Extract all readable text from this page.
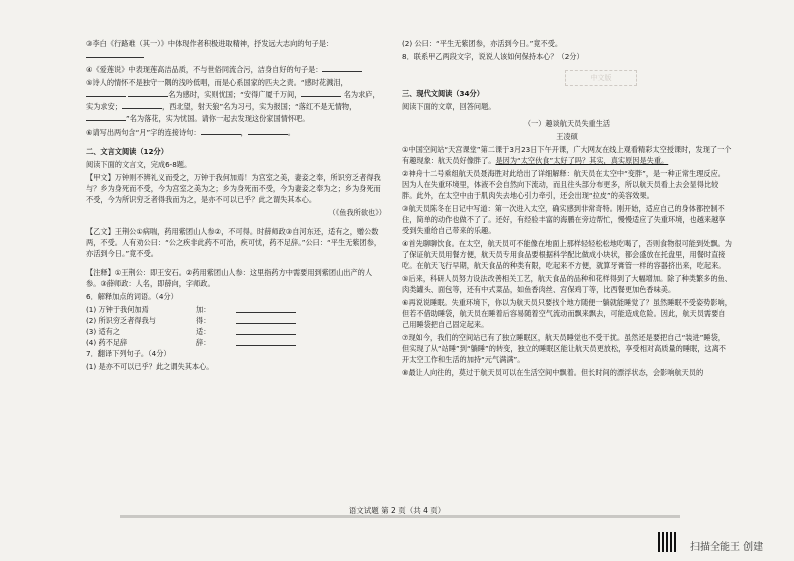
③李白《行路难（其一）》中体现作者积极进取精神，抒发远大志向的句子是：

④《爱莲说》中表现莲高洁品质，不与世俗同流合污，洁身自好的句子是：

⑤诗人的情怀不是独守一隅的浅吟低唱，而是心系国家的匹夫之责。“感时花溅泪， 名为感时，实则忧国；“安得广厦千万间，	名为求庐，实为求安；	，西北望，射天狼”名为习弓，实为报国；“落红不是无情物，”名为落花，实为忧国。请你一起去发现这份家国情怀吧。

⑥请写出两句含“月”字的连接诗句：	，	。

二、文言文阅读（12分）

阅读下面的文言文，完成6-8题。

【甲文】万钟则不辨礼义而受之，万钟于我何加焉！为宫室之美，妻妾之奉，所识穷乏者得我与？乡为身死而不受，今为宫室之美为之；乡为身死而不受，今为妻妾之奉为之；乡为身死而不受，今为所识穷乏者得我而为之，是亦不可以已乎？此之谓失其本心。

（《鱼我所欲也》）

【乙文】王荆公①病喘，药用紫团山人参②，不可得。时薛师政③自河东还，适有之，赠公数两，不受。人有劝公曰：“公之疾非此药不可治，疾可忧，药不足辞。”公曰：“平生无紫团参，亦活到今日。”竟不受。

【注释】①王荆公：即王安石。②药用紫团山人参：这里指药方中需要用到紫团山出产的人参。③薛师政：人名，即薛向，字师政。

6．解释加点的词语。（4分）

(1) 万钟于我何加焉	加：
(2) 所识穷乏者得我与	得：
(3) 适有之	适：
(4) 药不足辞	辞：

7．翻译下列句子。（4分）

(1) 是亦不可以已乎？此之谓失其本心。

(2) 公曰：“平生无紫团参，亦活到今日。”竟不受。

8．联系甲乙两段文字，说说人该如何保持本心？（2分）

三、现代文阅读（34分）

阅读下面的文章，回答问题。

（一）趣谈航天员失重生活

王凌硕

①中国空间站“天宫课堂”第二课于3月23日下午开课，广大网友在线上观看精彩太空授课时，发现了一个有趣现象：航天员好像胖了。是因为“太空伙食”太好了吗？其实，真实原因是失重。

②神舟十二号乘组航天员聂海胜对此给出了详细解释：航天员在太空中“变胖”，是一种正常生理反应。因为人在失重环境里，体液不会自然向下流动，而且往头部分布更多，所以航天员看上去会显得比较胖。此外，在太空中由于肌肉失去地心引力牵引，还会出现“拉皮”的美容效果。

③航天员陈冬在日记中写道：第一次进入太空，确实感到非常奇特。刚开始，适应自己的身体都控制不住，简单的动作也做不了了。还好，有经验丰富的海鹏在旁边帮忙，慢慢适应了失重环境，也越来越享受到失重给自己带来的乐趣。

④首先聊聊饮食。在太空，航天员可不能像在地面上那样轻轻松松地吃喝了，否则食物很可能到处飘。为了保证航天员用餐方便，航天员专用食品要根据科学配比做成小块状，都会盛放在托盘里，用餐时直接吃。在航天飞行早期，航天食品的种类有限，吃起来不方便，就算牙膏管一样的容器挤出来，吃起来。

⑤后来，科研人员努力设法改善相关工艺，航天食品的品种和花样得到了大幅增加。除了种类繁多的鱼、肉类罐头、面包等，还有中式菜品，如鱼香肉丝、宫保鸡丁等，比西餐更加色香味美。

⑥再说说睡眠。失重环境下，你以为航天员只要找个地方随便一躺就能睡觉了？虽然睡眠不受姿势影响，但若不借助睡袋，航天员在睡着后容易随着空气流动而飘来飘去，可能造成危险。因此，航天员需要自己用睡袋把自己固定起来。

⑦现如今，我们的空间站已有了独立睡眠区，航天员睡觉也不受干扰。虽然还是要把自己“装进”睡袋，但实现了从“站睡”到“躺睡”的转变，独立的睡眠区能让航天员更放松，享受相对高质量的睡眠，这离不开太空工作和生活的加持“元气满满”。

⑧最让人向往的，莫过于航天员可以在生活空间中飘着。但长时间的漂浮状态，会影响航天员的

中文版
语文试题 第 2 页（共 4 页）
扫描全能王 创建
